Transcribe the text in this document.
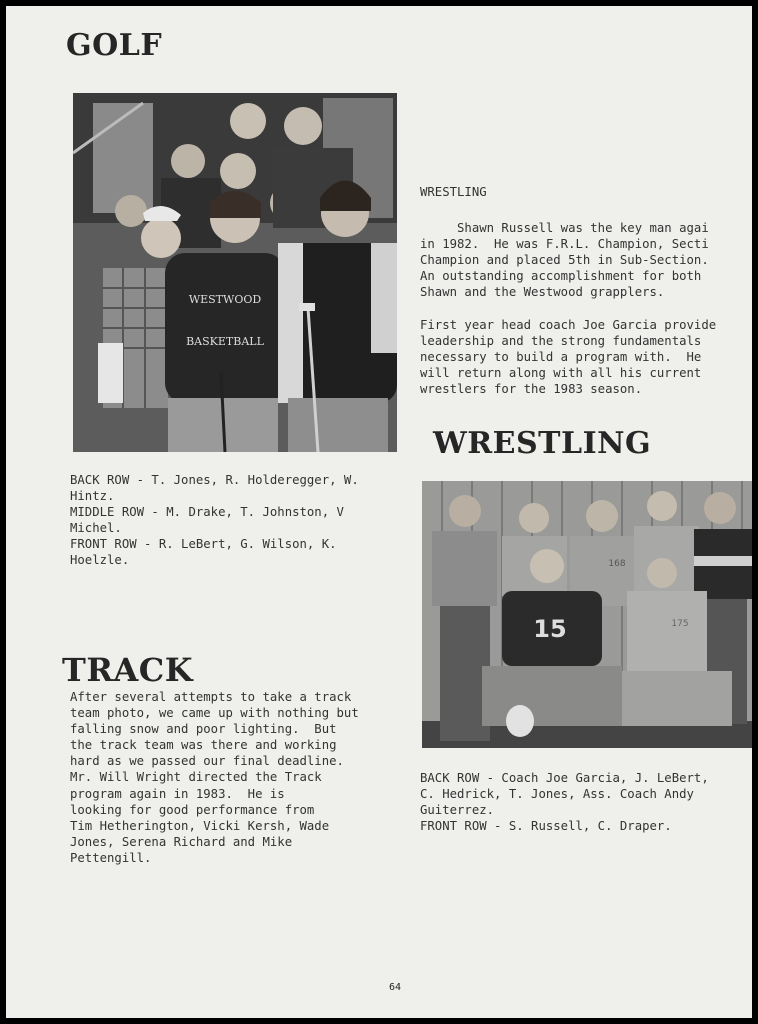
GOLF
WESTWOOD
BASKETBALL

BACK ROW - T. Jones, R. Holderegger, W.
Hintz.
MIDDLE ROW - M. Drake, T. Johnston, V
Michel.
FRONT ROW - R. LeBert, G. Wilson, K.
Hoelzle.

WRESTLING

Shawn Russell was the key man agai
in 1982.  He was F.R.L. Champion, Secti
Champion and placed 5th in Sub-Section.
An outstanding accomplishment for both
Shawn and the Westwood grapplers.

First year head coach Joe Garcia provide
leadership and the strong fundamentals
necessary to build a program with.  He
will return along with all his current
wrestlers for the 1983 season.

WRESTLING
168
15	175

BACK ROW - Coach Joe Garcia, J. LeBert,
C. Hedrick, T. Jones, Ass. Coach Andy
Guiterrez.
FRONT ROW - S. Russell, C. Draper.

TRACK

After several attempts to take a track
team photo, we came up with nothing but
falling snow and poor lighting.  But
the track team was there and working
hard as we passed our final deadline.
Mr. Will Wright directed the Track
program again in 1983.  He is
looking for good performance from
Tim Hetherington, Vicki Kersh, Wade
Jones, Serena Richard and Mike
Pettengill.

64
